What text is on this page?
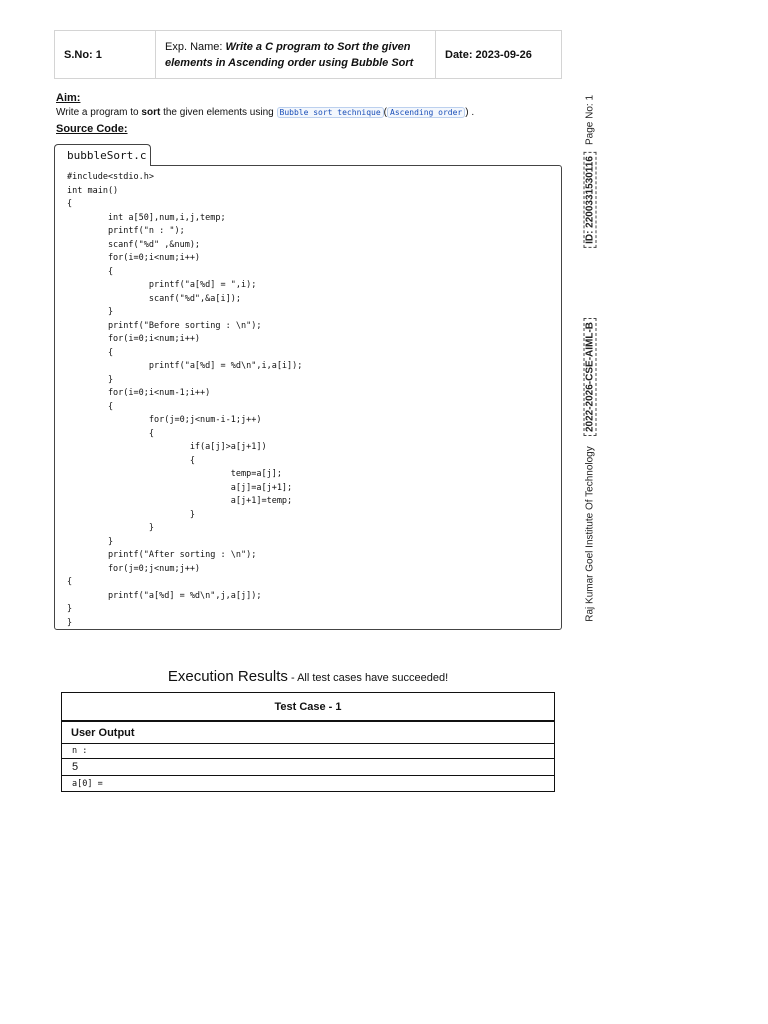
S.No: 1
Exp. Name: Write a C program to Sort the given elements in Ascending order using Bubble Sort
Date: 2023-09-26
Aim:
Write a program to sort the given elements using Bubble sort technique ( Ascending order ) .
Source Code:
bubbleSort.c
#include<stdio.h>
int main()
{
int a[50],num,i,j,temp;
printf("n : ");
scanf("%d" ,&num);
for(i=0;i<num;i++)
{
printf("a[%d] = ",i);
scanf("%d",&a[i]);
}
printf("Before sorting : \n");
for(i=0;i<num;i++)
{
printf("a[%d] = %d\n",i,a[i]);
}
for(i=0;i<num-1;i++)
{
for(j=0;j<num-i-1;j++)
{
if(a[j]>a[j+1])
{
temp=a[j];
a[j]=a[j+1];
a[j+1]=temp;
}
}
}
printf("After sorting : \n");
for(j=0;j<num;j++)
{
printf("a[%d] = %d\n",j,a[j]);
}
}
Page No: 1
ID: 2200331530116
2022-2026-CSE-AIML-B
Raj Kumar Goel Institute Of Technology
Execution Results - All test cases have succeeded!
Test Case - 1
User Output
n :
5
a[0] =
